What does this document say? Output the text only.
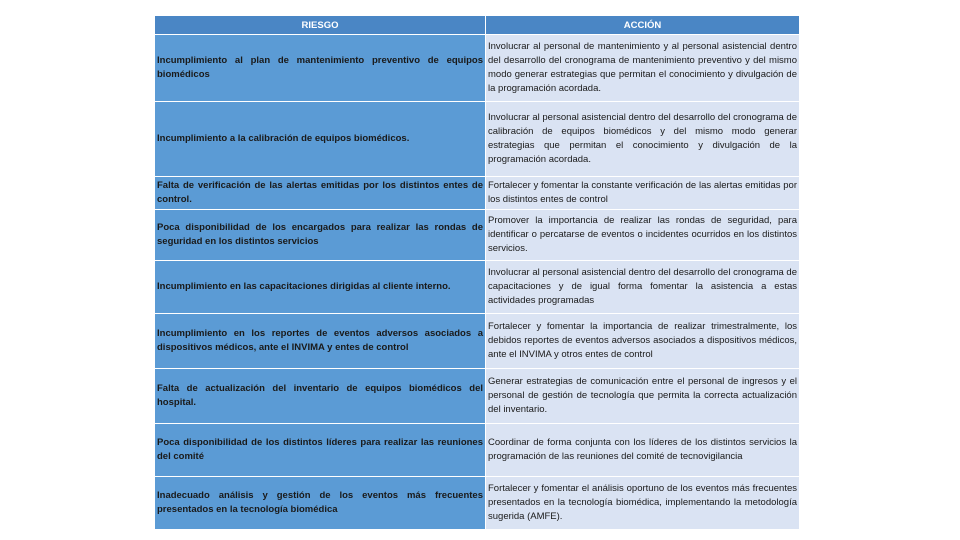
RIESGO	ACCIÓN
Incumplimiento al plan de mantenimiento preventivo de equipos biomédicos	Involucrar al personal de mantenimiento y al personal asistencial dentro del desarrollo del cronograma de mantenimiento preventivo y del mismo modo generar estrategias que permitan el conocimiento y divulgación de la programación acordada.
Incumplimiento a la calibración de equipos biomédicos.	Involucrar al personal asistencial dentro del desarrollo del cronograma de calibración de equipos biomédicos y del mismo modo generar estrategias que permitan el conocimiento y divulgación de la programación acordada.
Falta de verificación de las alertas emitidas por los distintos entes de control.	Fortalecer y fomentar la constante verificación de las alertas emitidas por los distintos entes de control
Poca disponibilidad de los encargados para realizar las rondas de seguridad en los distintos servicios	Promover la importancia de realizar las rondas de seguridad, para identificar o percatarse de eventos o incidentes ocurridos en los distintos servicios.
Incumplimiento en las capacitaciones dirigidas al cliente interno.	Involucrar al personal asistencial dentro del desarrollo del cronograma de capacitaciones y de igual forma fomentar la asistencia a estas actividades programadas
Incumplimiento en los reportes de eventos adversos asociados a dispositivos médicos, ante el INVIMA y entes de control	Fortalecer y fomentar la importancia de realizar trimestralmente, los debidos reportes de eventos adversos asociados a dispositivos médicos, ante el INVIMA y otros entes de control
Falta de actualización del inventario de equipos biomédicos del hospital.	Generar estrategias de comunicación entre el personal de ingresos y el personal de gestión de tecnología que permita la correcta actualización del inventario.
Poca disponibilidad de los distintos líderes para realizar las reuniones del comité	Coordinar de forma conjunta con los líderes de los distintos servicios la programación de las reuniones del comité de tecnovigilancia
Inadecuado análisis y gestión de los eventos más frecuentes presentados en la tecnología biomédica	Fortalecer y fomentar el análisis oportuno de los eventos más frecuentes presentados en la tecnología biomédica, implementando la metodología sugerida (AMFE).
